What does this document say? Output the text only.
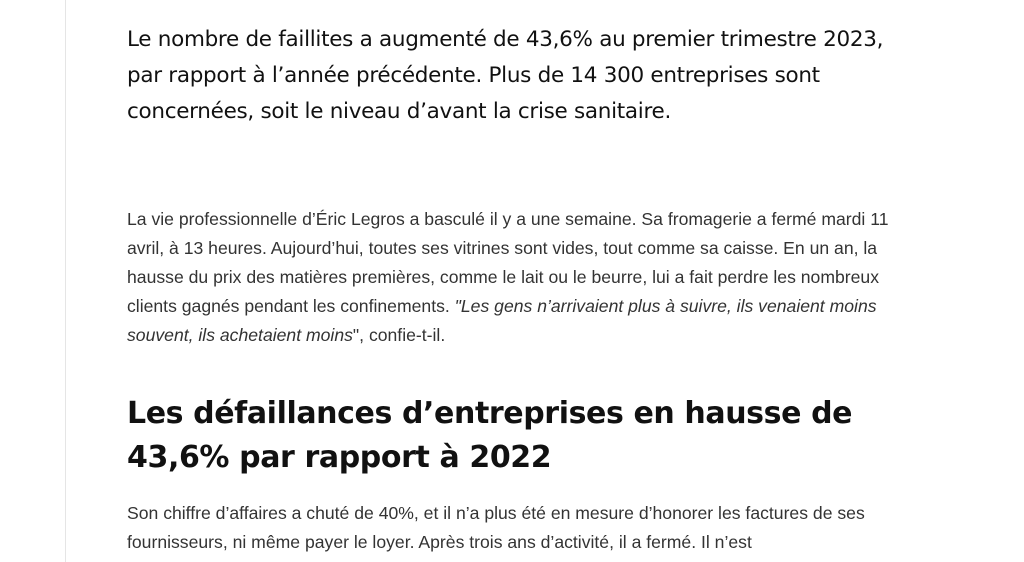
Le nombre de faillites a augmenté de 43,6% au premier trimestre 2023, par rapport à l’année précédente. Plus de 14 300 entreprises sont concernées, soit le niveau d’avant la crise sanitaire.

La vie professionnelle d’Éric Legros a basculé il y a une semaine. Sa fromagerie a fermé mardi 11 avril, à 13 heures. Aujourd’hui, toutes ses vitrines sont vides, tout comme sa caisse. En un an, la hausse du prix des matières premières, comme le lait ou le beurre, lui a fait perdre les nombreux clients gagnés pendant les confinements. "Les gens n’arrivaient plus à suivre, ils venaient moins souvent, ils achetaient moins", confie-t-il.

Les défaillances d’entreprises en hausse de 43,6% par rapport à 2022

Son chiffre d’affaires a chuté de 40%, et il n’a plus été en mesure d’honorer les factures de ses fournisseurs, ni même payer le loyer. Après trois ans d’activité, il a fermé. Il n’est
